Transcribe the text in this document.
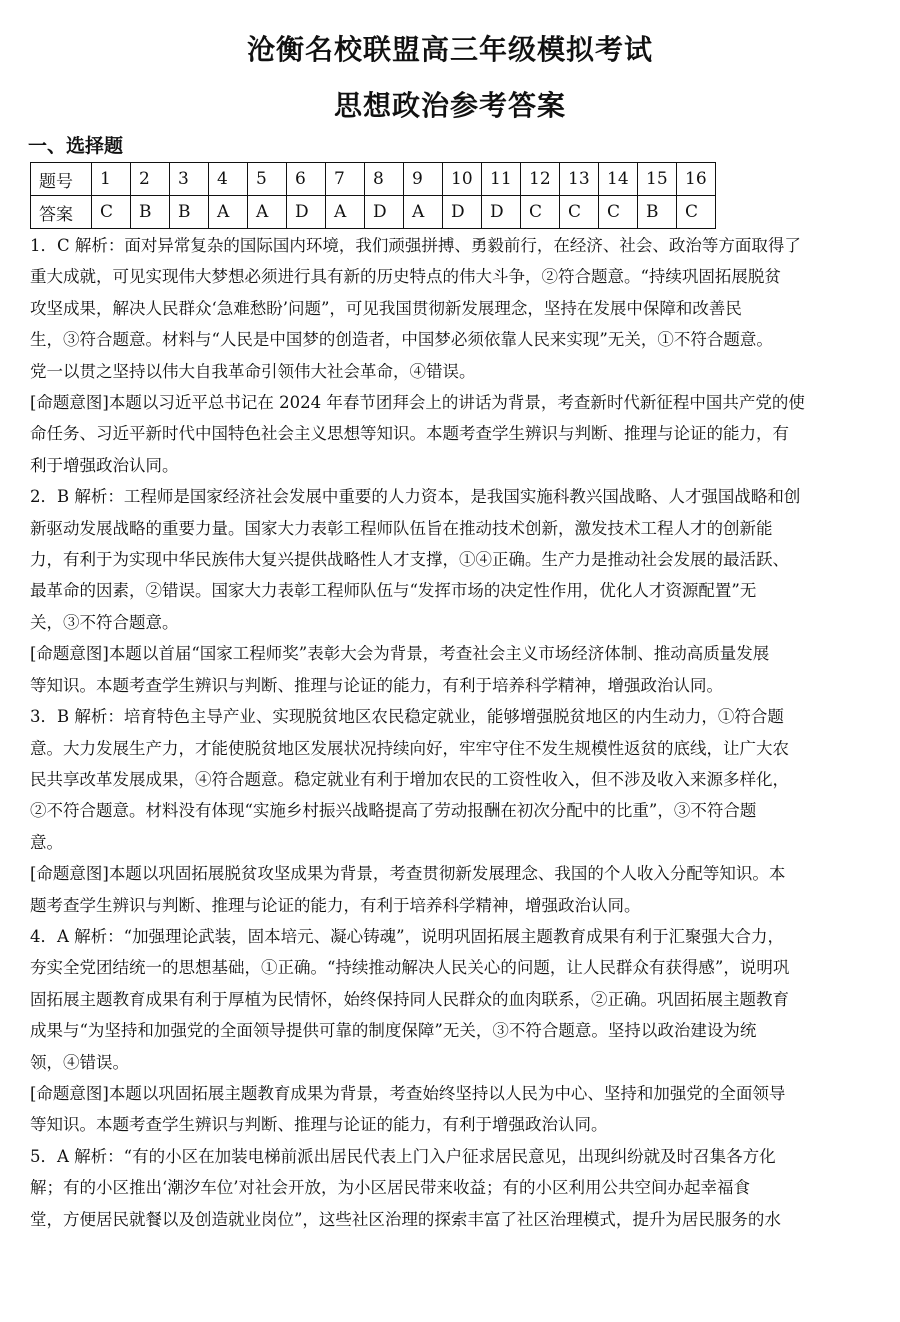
沧衡名校联盟高三年级模拟考试
思想政治参考答案
一、选择题
题号	1	2	3	4	5	6	7	8	9	10	11	12	13	14	15	16
答案	C	B	B	A	A	D	A	D	A	D	D	C	C	C	B	C
1．C 解析：面对异常复杂的国际国内环境，我们顽强拼搏、勇毅前行，在经济、社会、政治等方面取得了
重大成就，可见实现伟大梦想必须进行具有新的历史特点的伟大斗争，②符合题意。“持续巩固拓展脱贫
攻坚成果，解决人民群众‘急难愁盼’问题”，可见我国贯彻新发展理念，坚持在发展中保障和改善民
生，③符合题意。材料与“人民是中国梦的创造者，中国梦必须依靠人民来实现”无关，①不符合题意。
党一以贯之坚持以伟大自我革命引领伟大社会革命，④错误。
[命题意图]本题以习近平总书记在 2024 年春节团拜会上的讲话为背景，考查新时代新征程中国共产党的使
命任务、习近平新时代中国特色社会主义思想等知识。本题考查学生辨识与判断、推理与论证的能力，有
利于增强政治认同。
2．B 解析：工程师是国家经济社会发展中重要的人力资本，是我国实施科教兴国战略、人才强国战略和创
新驱动发展战略的重要力量。国家大力表彰工程师队伍旨在推动技术创新，激发技术工程人才的创新能
力，有利于为实现中华民族伟大复兴提供战略性人才支撑，①④正确。生产力是推动社会发展的最活跃、
最革命的因素，②错误。国家大力表彰工程师队伍与“发挥市场的决定性作用，优化人才资源配置”无
关，③不符合题意。
[命题意图]本题以首届“国家工程师奖”表彰大会为背景，考查社会主义市场经济体制、推动高质量发展
等知识。本题考查学生辨识与判断、推理与论证的能力，有利于培养科学精神，增强政治认同。
3．B 解析：培育特色主导产业、实现脱贫地区农民稳定就业，能够增强脱贫地区的内生动力，①符合题
意。大力发展生产力，才能使脱贫地区发展状况持续向好，牢牢守住不发生规模性返贫的底线，让广大农
民共享改革发展成果，④符合题意。稳定就业有利于增加农民的工资性收入，但不涉及收入来源多样化，
②不符合题意。材料没有体现“实施乡村振兴战略提高了劳动报酬在初次分配中的比重”，③不符合题
意。
[命题意图]本题以巩固拓展脱贫攻坚成果为背景，考查贯彻新发展理念、我国的个人收入分配等知识。本
题考查学生辨识与判断、推理与论证的能力，有利于培养科学精神，增强政治认同。
4．A 解析：“加强理论武装，固本培元、凝心铸魂”，说明巩固拓展主题教育成果有利于汇聚强大合力，
夯实全党团结统一的思想基础，①正确。“持续推动解决人民关心的问题，让人民群众有获得感”，说明巩
固拓展主题教育成果有利于厚植为民情怀，始终保持同人民群众的血肉联系，②正确。巩固拓展主题教育
成果与“为坚持和加强党的全面领导提供可靠的制度保障”无关，③不符合题意。坚持以政治建设为统
领，④错误。
[命题意图]本题以巩固拓展主题教育成果为背景，考查始终坚持以人民为中心、坚持和加强党的全面领导
等知识。本题考查学生辨识与判断、推理与论证的能力，有利于增强政治认同。
5．A 解析：“有的小区在加装电梯前派出居民代表上门入户征求居民意见，出现纠纷就及时召集各方化
解；有的小区推出‘潮汐车位’对社会开放，为小区居民带来收益；有的小区利用公共空间办起幸福食
堂，方便居民就餐以及创造就业岗位”，这些社区治理的探索丰富了社区治理模式，提升为居民服务的水
